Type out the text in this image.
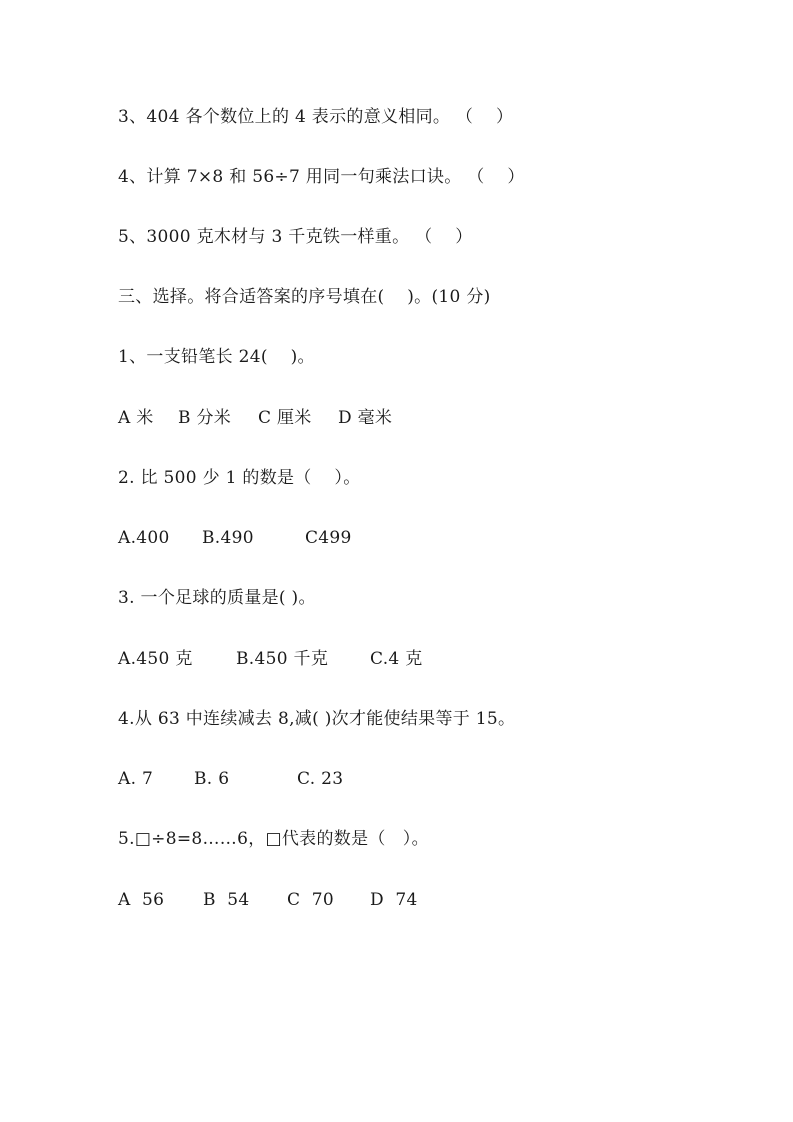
3、404 各个数位上的 4 表示的意义相同。 （    ）
4、计算 7×8 和 56÷7 用同一句乘法口诀。 （    ）
5、3000 克木材与 3 千克铁一样重。 （    ）
三、选择。将合适答案的序号填在(    )。(10 分)
1、一支铅笔长 24(    )。
A 米 B 分米 C 厘米 D 毫米
2. 比 500 少 1 的数是（    ）。
A.400 B.490	C499
3. 一个足球的质量是( )。
A.450 克	B.450 千克 C.4 克
4.从 63 中连续减去 8,减( )次才能使结果等于 15。
A. 7 B. 6	C. 23
5.□÷8=8……6，□代表的数是（   ）。
A  56 B  54 C  70 D  74
